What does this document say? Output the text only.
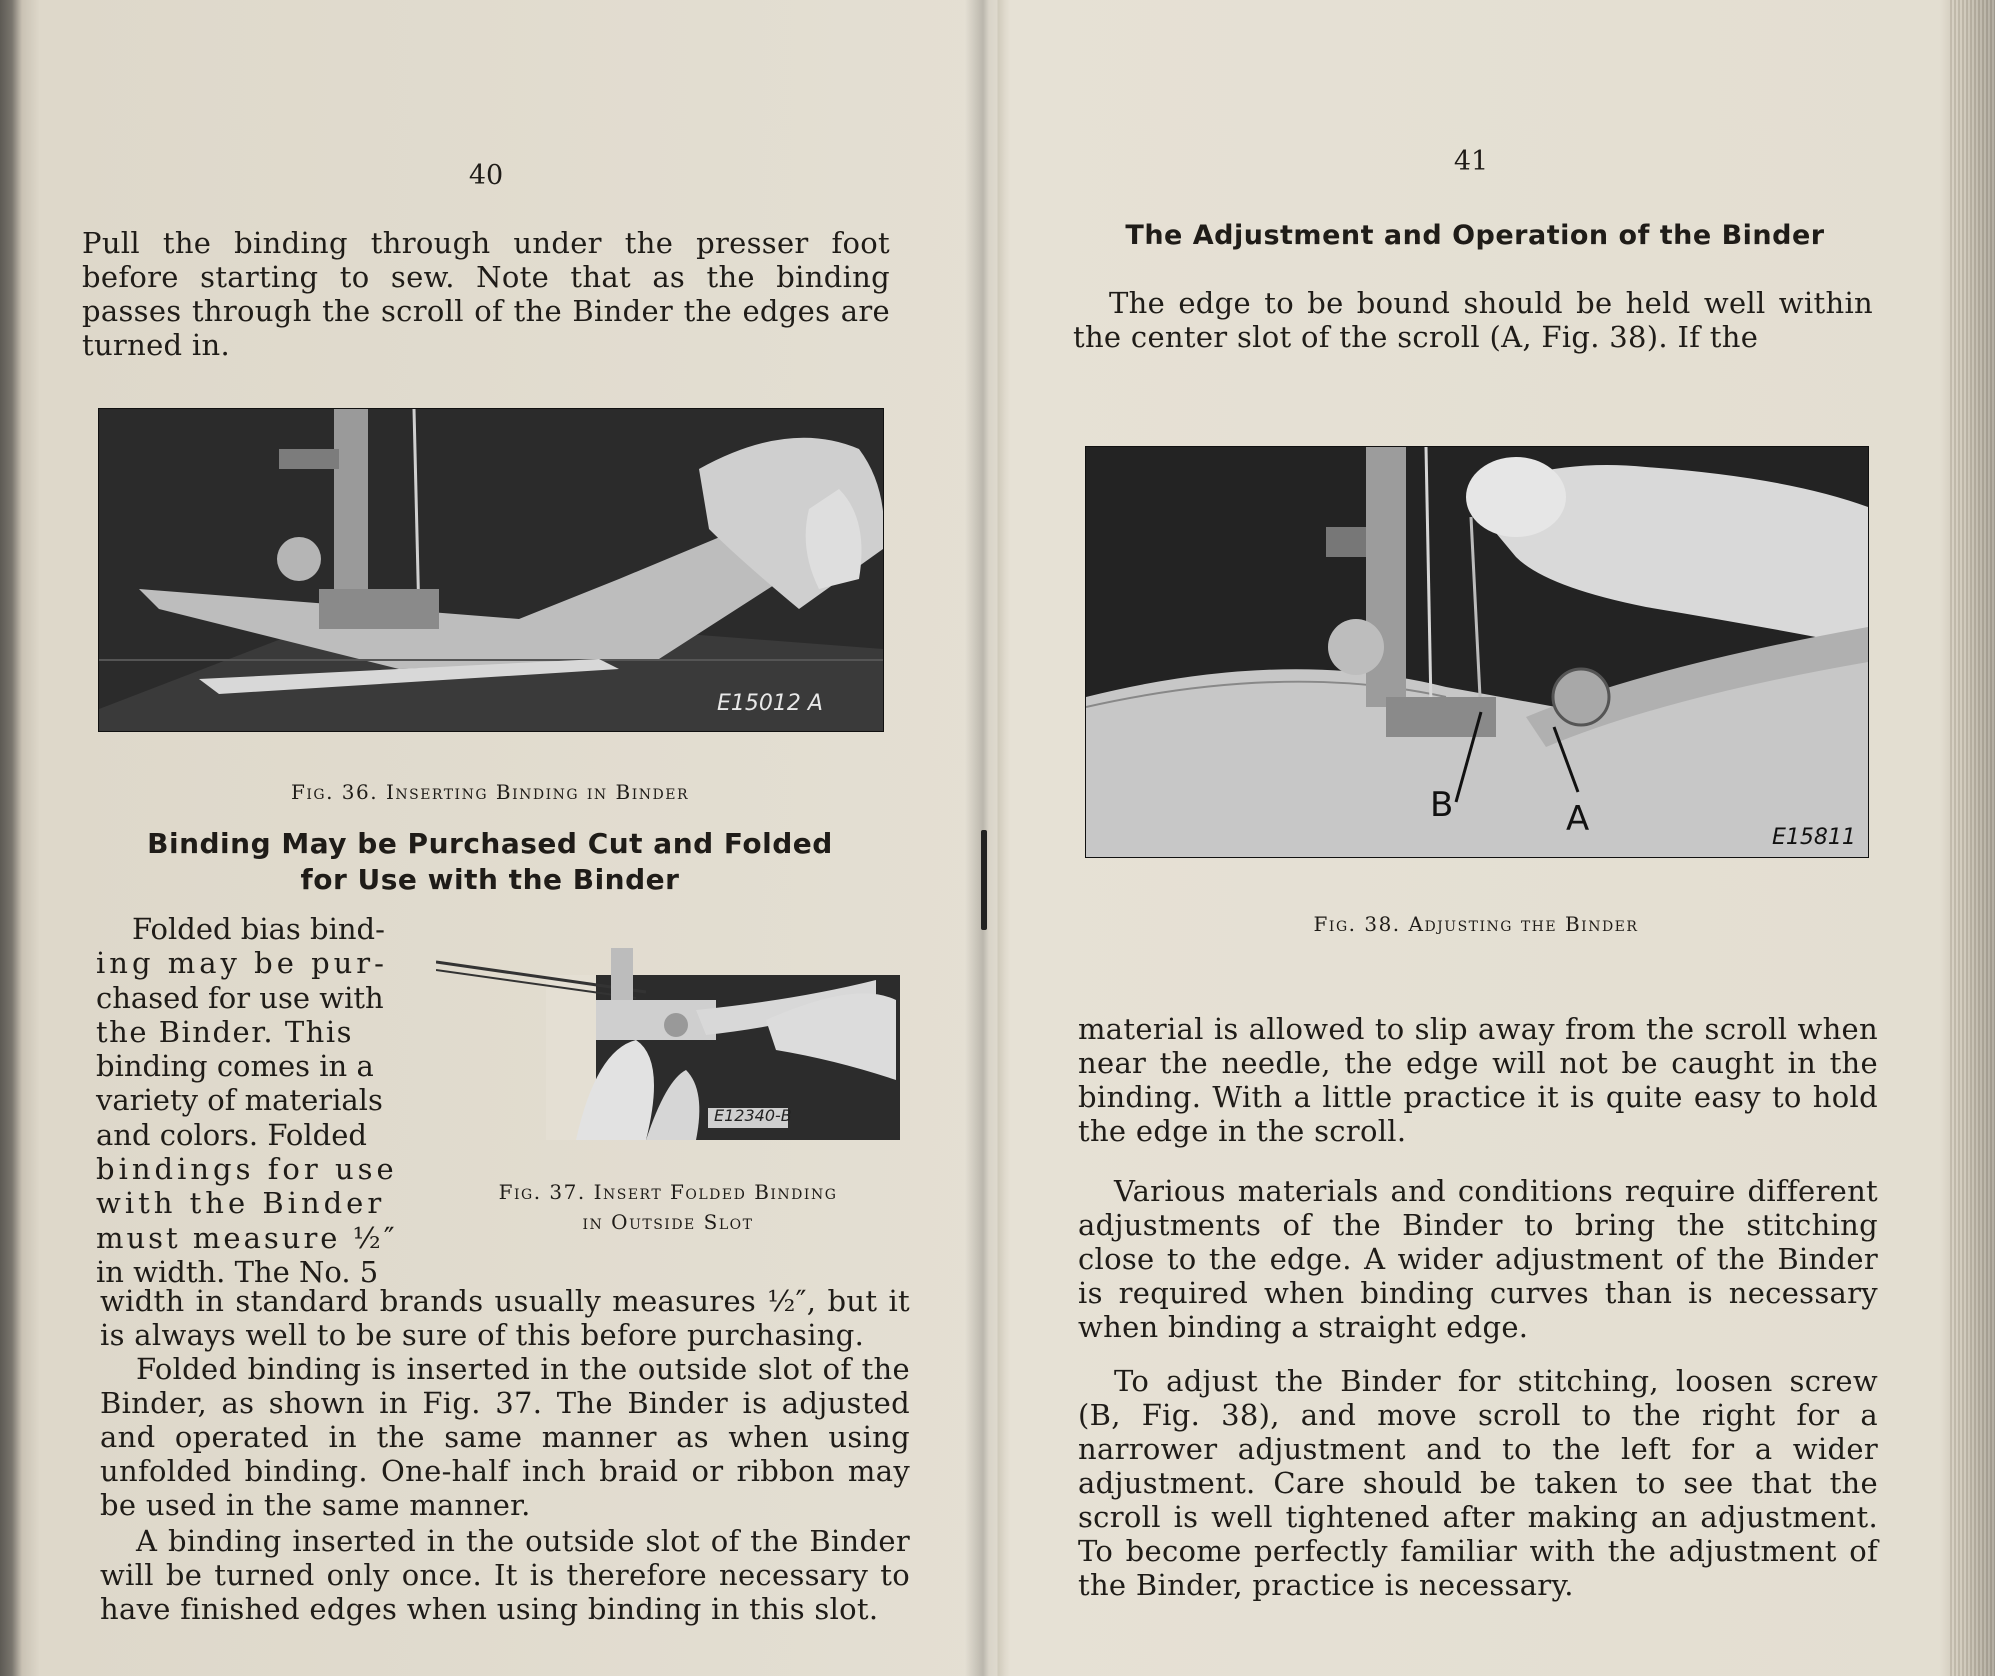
40
Pull the binding through under the presser foot before starting to sew. Note that as the binding passes through the scroll of the Binder the edges are turned in.
E15012 A
Fig. 36. Inserting Binding in Binder
Binding May be Purchased Cut and Folded
for Use with the Binder
Folded bias bind-
ing may be pur-
chased for use with
the Binder. This
binding comes in a
variety of materials
and colors. Folded
bindings for use
with the Binder
must measure ½″
in width. The No. 5
E12340-B
Fig. 37. Insert Folded Binding
in Outside Slot
width in standard brands usually measures ½″, but it is always well to be sure of this before purchasing.
Folded binding is inserted in the outside slot of the Binder, as shown in Fig. 37. The Binder is adjusted and operated in the same manner as when using unfolded binding. One-half inch braid or ribbon may be used in the same manner.
A binding inserted in the outside slot of the Binder will be turned only once. It is therefore necessary to have finished edges when using binding in this slot.
41
The Adjustment and Operation of the Binder
The edge to be bound should be held well within the center slot of the scroll (A, Fig. 38). If the
B	A	E15811
Fig. 38. Adjusting the Binder
material is allowed to slip away from the scroll when near the needle, the edge will not be caught in the binding. With a little practice it is quite easy to hold the edge in the scroll.
Various materials and conditions require different adjustments of the Binder to bring the stitching close to the edge. A wider adjustment of the Binder is required when binding curves than is necessary when binding a straight edge.
To adjust the Binder for stitching, loosen screw (B, Fig. 38), and move scroll to the right for a narrower adjustment and to the left for a wider adjustment. Care should be taken to see that the scroll is well tightened after making an adjustment. To become perfectly familiar with the adjustment of the Binder, practice is necessary.
